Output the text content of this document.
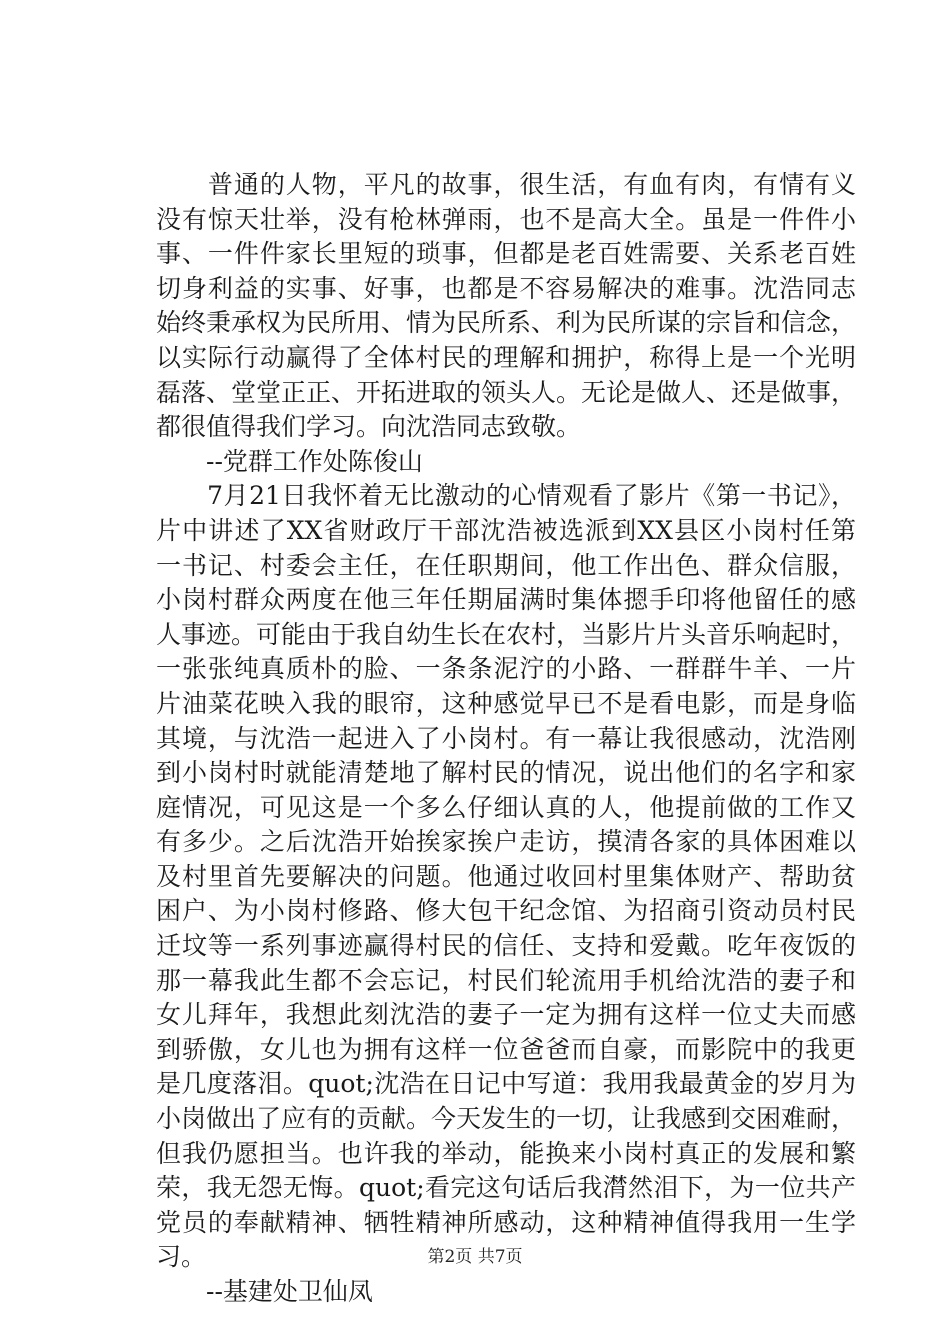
　　普通的人物，平凡的故事，很生活，有血有肉，有情有义
没有惊天壮举，没有枪林弹雨，也不是高大全。虽是一件件小
事、一件件家长里短的琐事，但都是老百姓需要、关系老百姓
切身利益的实事、好事，也都是不容易解决的难事。沈浩同志
始终秉承权为民所用、情为民所系、利为民所谋的宗旨和信念，
以实际行动赢得了全体村民的理解和拥护，称得上是一个光明
磊落、堂堂正正、开拓进取的领头人。无论是做人、还是做事，
都很值得我们学习。向沈浩同志致敬。
　　--党群工作处陈俊山
　　7月21日我怀着无比激动的心情观看了影片《第一书记》，
片中讲述了XX省财政厅干部沈浩被选派到XX县区小岗村任第
一书记、村委会主任，在任职期间，他工作出色、群众信服，
小岗村群众两度在他三年任期届满时集体摁手印将他留任的感
人事迹。可能由于我自幼生长在农村，当影片片头音乐响起时，
一张张纯真质朴的脸、一条条泥泞的小路、一群群牛羊、一片
片油菜花映入我的眼帘，这种感觉早已不是看电影，而是身临
其境，与沈浩一起进入了小岗村。有一幕让我很感动，沈浩刚
到小岗村时就能清楚地了解村民的情况，说出他们的名字和家
庭情况，可见这是一个多么仔细认真的人，他提前做的工作又
有多少。之后沈浩开始挨家挨户走访，摸清各家的具体困难以
及村里首先要解决的问题。他通过收回村里集体财产、帮助贫
困户、为小岗村修路、修大包干纪念馆、为招商引资动员村民
迁坟等一系列事迹赢得村民的信任、支持和爱戴。吃年夜饭的
那一幕我此生都不会忘记，村民们轮流用手机给沈浩的妻子和
女儿拜年，我想此刻沈浩的妻子一定为拥有这样一位丈夫而感
到骄傲，女儿也为拥有这样一位爸爸而自豪，而影院中的我更
是几度落泪。quot;沈浩在日记中写道：我用我最黄金的岁月为
小岗做出了应有的贡献。今天发生的一切，让我感到交困难耐，
但我仍愿担当。也许我的举动，能换来小岗村真正的发展和繁
荣，我无怨无悔。quot;看完这句话后我潸然泪下，为一位共产
党员的奉献精神、牺牲精神所感动，这种精神值得我用一生学
习。
　　--基建处卫仙凤
第2页 共7页
